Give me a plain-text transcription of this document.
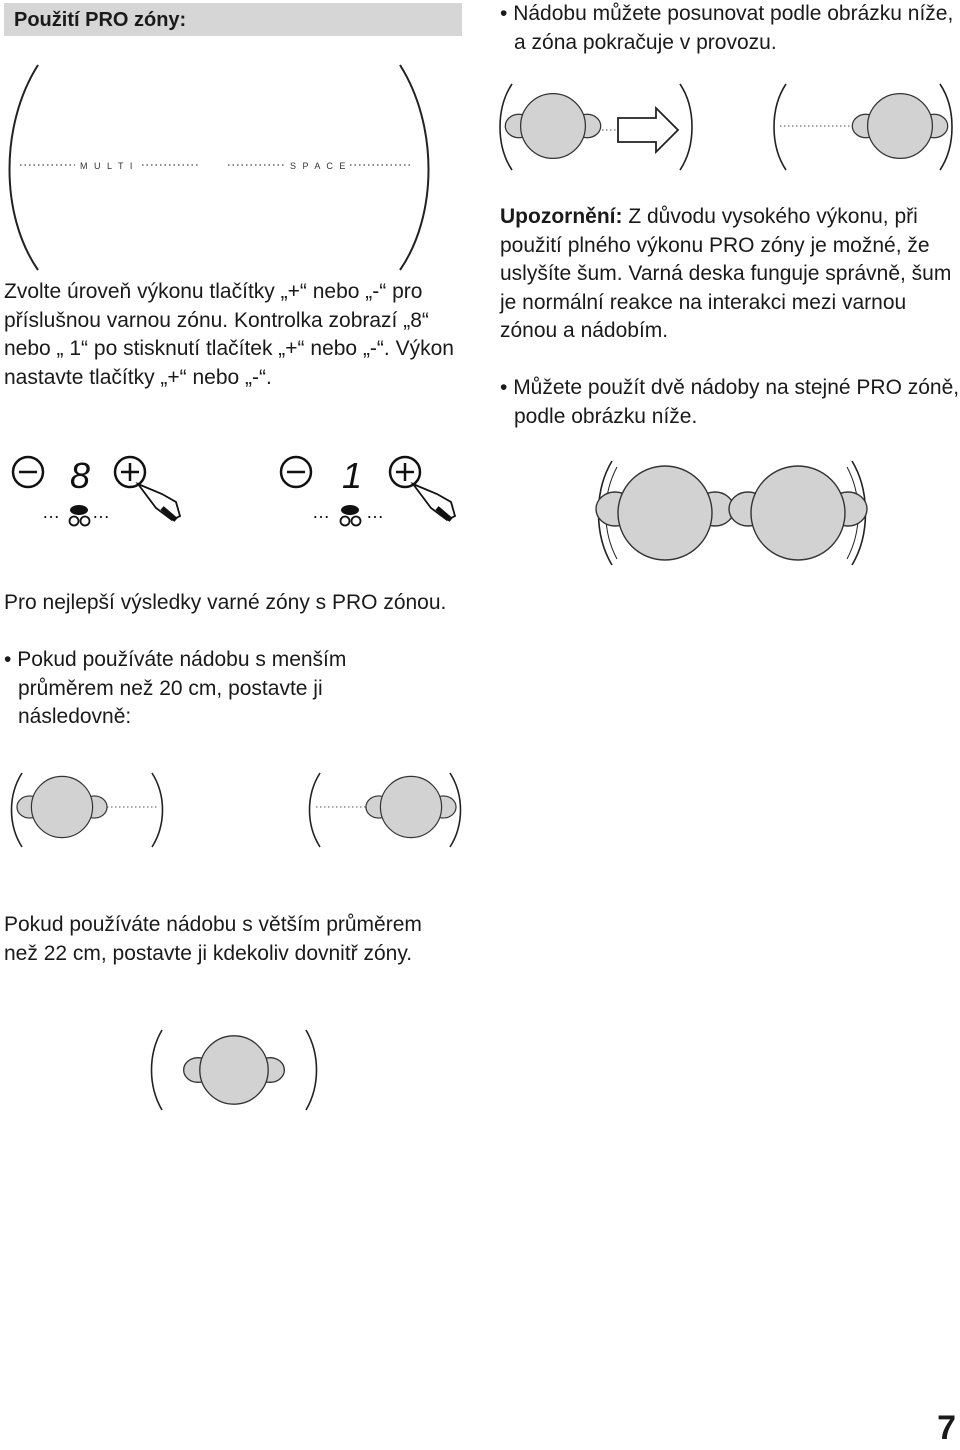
Použití PRO zóny:
M U L T I	S P A C E
Zvolte úroveň výkonu tlačítky „+“ nebo „-“ pro příslušnou varnou zónu. Kontrolka zobrazí „8“ nebo „ 1“ po stisknutí tlačítek „+“ nebo „-“. Výkon nastavte tlačítky „+“ nebo „-“.
8
… …
1
… …
Pro nejlepší výsledky varné zóny s PRO zónou.
• Pokud používáte nádobu s menším průměrem než 20 cm, postavte ji následovně:
Pokud používáte nádobu s větším průměrem než 22 cm, postavte ji kdekoliv dovnitř zóny.
• Nádobu můžete posunovat podle obrázku níže, a zóna pokračuje v provozu.
Upozornění: Z důvodu vysokého výkonu, při použití plného výkonu PRO zóny je možné, že uslyšíte šum. Varná deska funguje správně, šum je normální reakce na interakci mezi varnou zónou a nádobím.
• Můžete použít dvě nádoby na stejné PRO zóně, podle obrázku níže.
7
